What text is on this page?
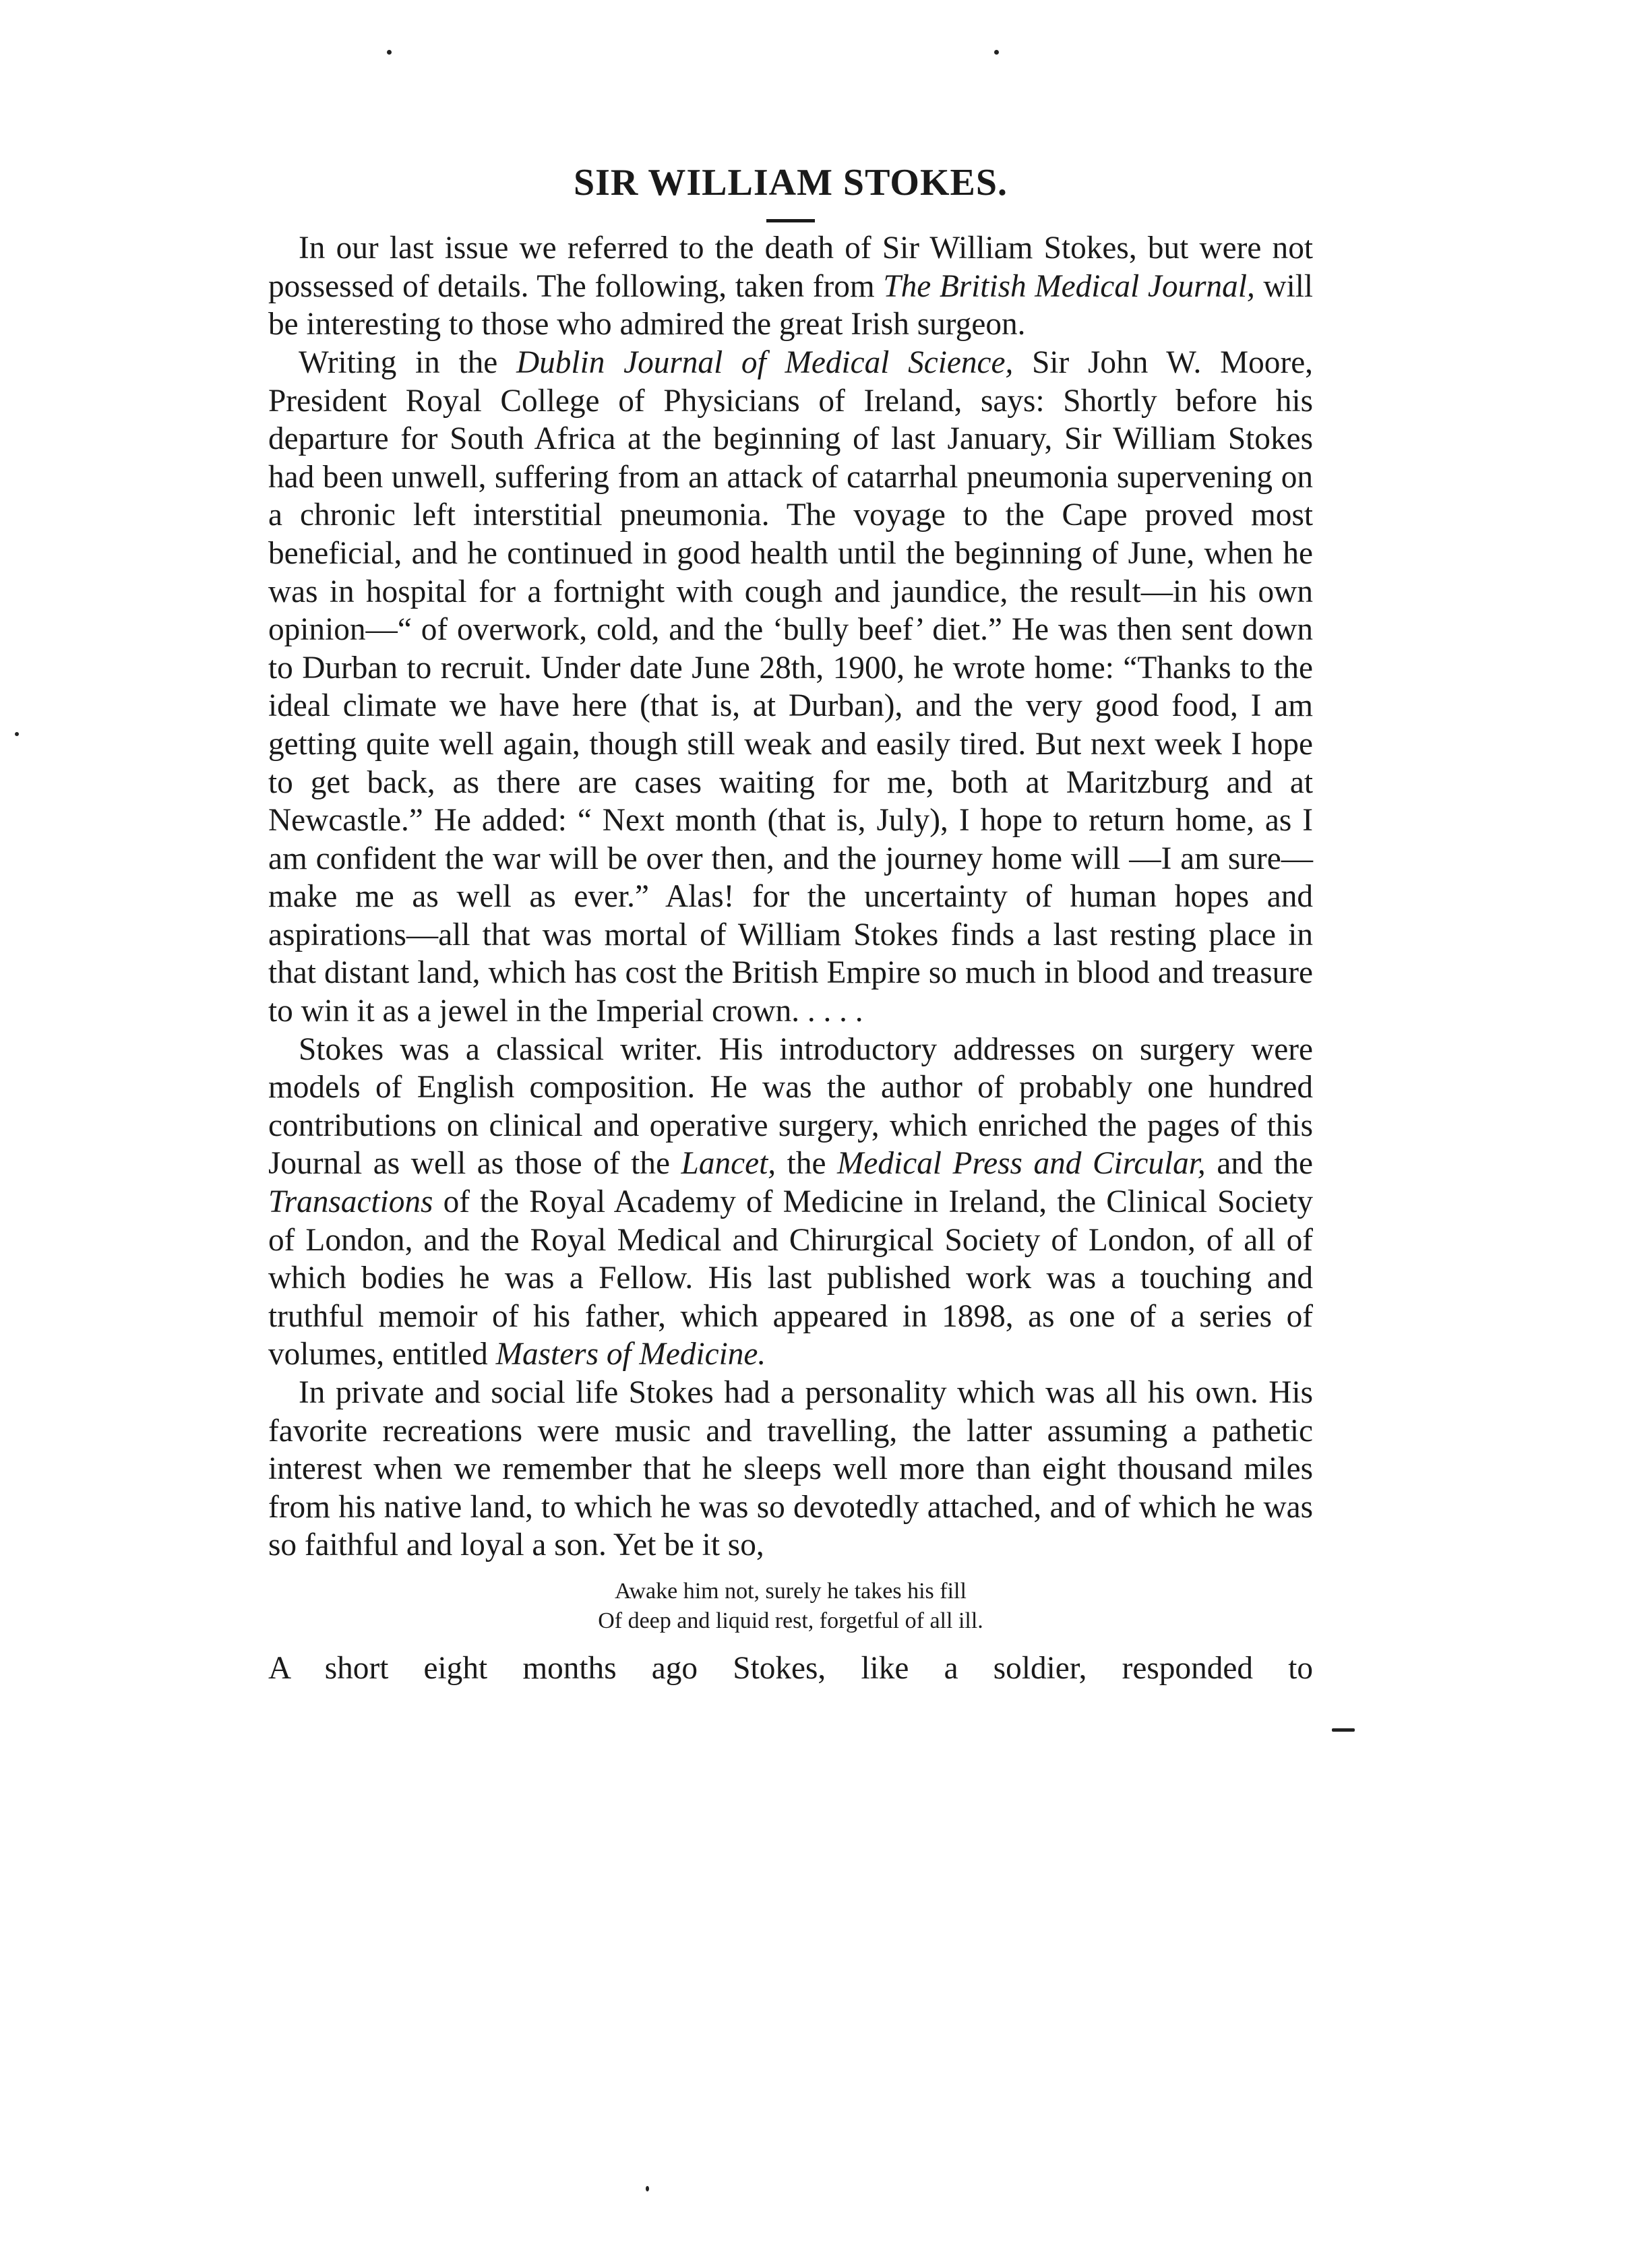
SIR WILLIAM STOKES.

In our last issue we referred to the death of Sir William Stokes, but were not possessed of details. The following, taken from The British Medical Journal, will be interesting to those who admired the great Irish surgeon.

Writing in the Dublin Journal of Medical Science, Sir John W. Moore, President Royal College of Physicians of Ireland, says: Shortly before his departure for South Africa at the beginning of last January, Sir William Stokes had been unwell, suffering from an attack of catarrhal pneumonia supervening on a chronic left interstitial pneumonia. The voyage to the Cape proved most beneficial, and he continued in good health until the beginning of June, when he was in hospital for a fortnight with cough and jaundice, the result—in his own opinion—“ of overwork, cold, and the ‘bully beef’ diet.” He was then sent down to Durban to recruit. Under date June 28th, 1900, he wrote home: “Thanks to the ideal climate we have here (that is, at Durban), and the very good food, I am getting quite well again, though still weak and easily tired. But next week I hope to get back, as there are cases waiting for me, both at Maritzburg and at Newcastle.” He added: “ Next month (that is, July), I hope to return home, as I am confident the war will be over then, and the journey home will —I am sure—make me as well as ever.” Alas! for the uncertainty of human hopes and aspirations—all that was mortal of William Stokes finds a last resting place in that distant land, which has cost the British Empire so much in blood and treasure to win it as a jewel in the Imperial crown. . . . .

Stokes was a classical writer. His introductory addresses on surgery were models of English composition. He was the author of probably one hundred contributions on clinical and operative surgery, which enriched the pages of this Journal as well as those of the Lancet, the Medical Press and Circular, and the Transactions of the Royal Academy of Medicine in Ireland, the Clinical Society of London, and the Royal Medical and Chirurgical Society of London, of all of which bodies he was a Fellow. His last published work was a touching and truthful memoir of his father, which appeared in 1898, as one of a series of volumes, entitled Masters of Medicine.

In private and social life Stokes had a personality which was all his own. His favorite recreations were music and travelling, the latter assuming a pathetic interest when we remember that he sleeps well more than eight thousand miles from his native land, to which he was so devotedly attached, and of which he was so faithful and loyal a son. Yet be it so,

Awake him not, surely he takes his fill
Of deep and liquid rest, forgetful of all ill.

A short eight months ago Stokes, like a soldier, responded to
